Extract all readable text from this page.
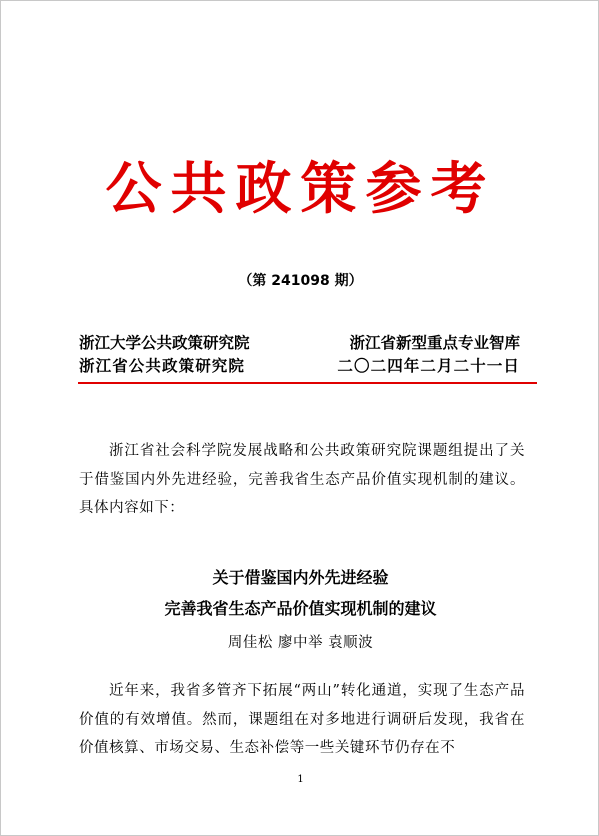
公共政策参考
（第 241098 期）
浙江大学公共政策研究院
浙江省公共政策研究院
浙江省新型重点专业智库
二〇二四年二月二十一日
浙江省社会科学院发展战略和公共政策研究院课题组提出了关于借鉴国内外先进经验，完善我省生态产品价值实现机制的建议。具体内容如下：
关于借鉴国内外先进经验
完善我省生态产品价值实现机制的建议
周佳松 廖中举 袁顺波
近年来，我省多管齐下拓展“两山”转化通道，实现了生态产品价值的有效增值。然而，课题组在对多地进行调研后发现，我省在价值核算、市场交易、生态补偿等一些关键环节仍存在不
1
